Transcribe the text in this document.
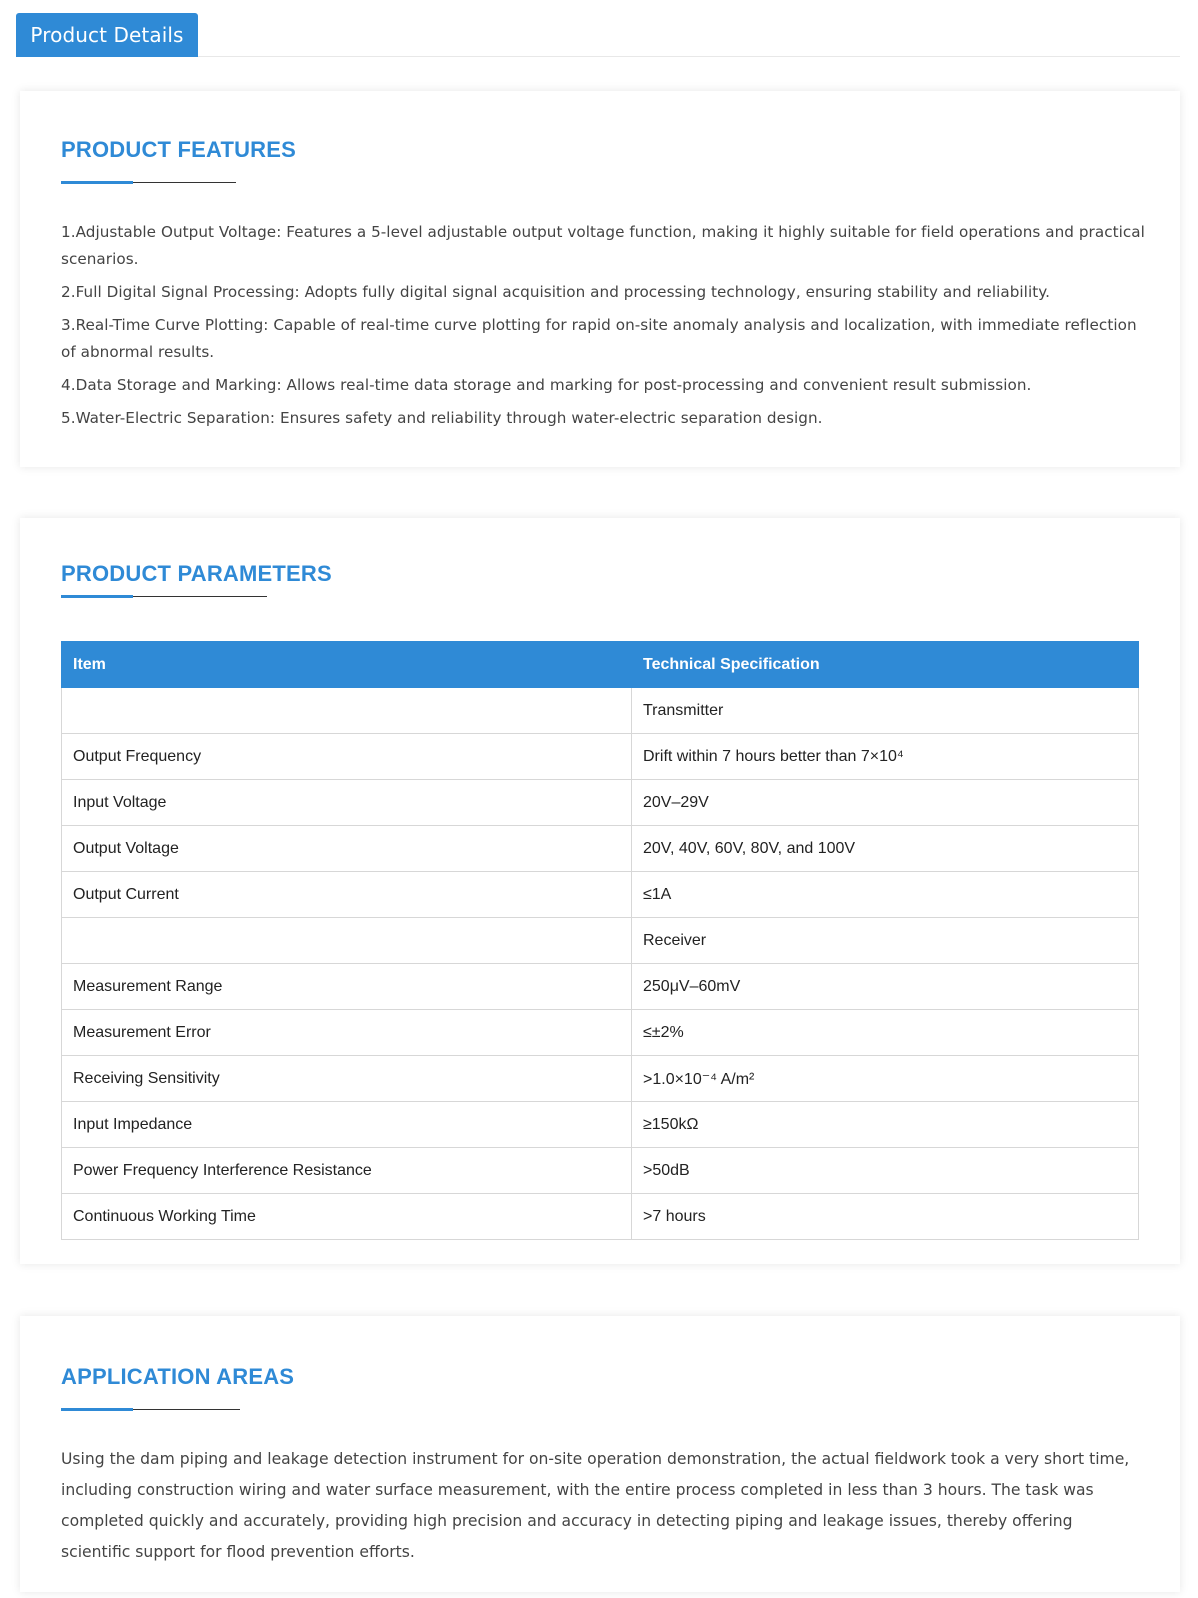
Product Details
PRODUCT FEATURES

1.Adjustable Output Voltage: Features a 5-level adjustable output voltage function, making it highly suitable for field operations and practical scenarios.

2.Full Digital Signal Processing: Adopts fully digital signal acquisition and processing technology, ensuring stability and reliability.

3.Real-Time Curve Plotting: Capable of real-time curve plotting for rapid on-site anomaly analysis and localization, with immediate reflection of abnormal results.

4.Data Storage and Marking: Allows real-time data storage and marking for post-processing and convenient result submission.

5.Water-Electric Separation: Ensures safety and reliability through water-electric separation design.

PRODUCT PARAMETERS
Item	Technical Specification
	Transmitter
Output Frequency	Drift within 7 hours better than 7×10⁴
Input Voltage	20V–29V
Output Voltage	20V, 40V, 60V, 80V, and 100V
Output Current	≤1A
	Receiver
Measurement Range	250μV–60mV
Measurement Error	≤±2%
Receiving Sensitivity	>1.0×10⁻⁴ A/m²
Input Impedance	≥150kΩ
Power Frequency Interference Resistance	>50dB
Continuous Working Time	>7 hours
APPLICATION AREAS

Using the dam piping and leakage detection instrument for on-site operation demonstration, the actual fieldwork took a very short time, including construction wiring and water surface measurement, with the entire process completed in less than 3 hours. The task was completed quickly and accurately, providing high precision and accuracy in detecting piping and leakage issues, thereby offering scientific support for flood prevention efforts.
